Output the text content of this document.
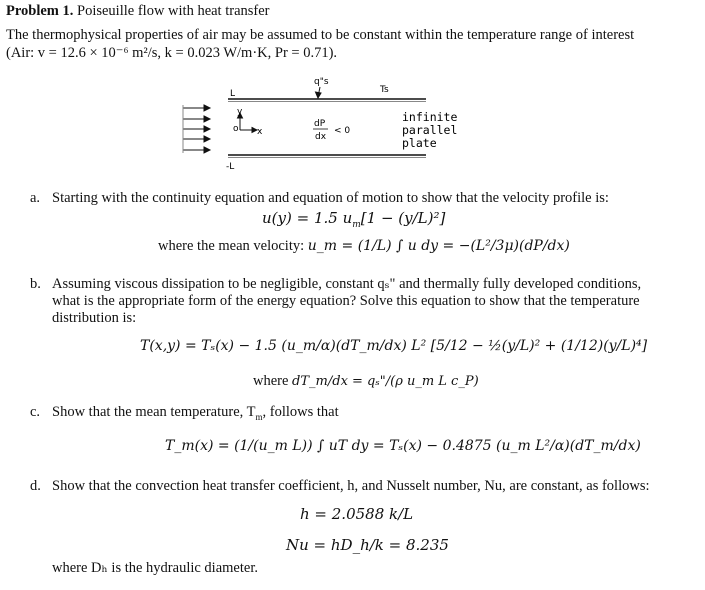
Problem 1. Poiseuille flow with heat transfer
The thermophysical properties of air may be assumed to be constant within the temperature range of interest
(Air: v = 12.6 × 10⁻⁶ m²/s, k = 0.023 W/m·K, Pr = 0.71).
o
y
x
L
-L
q"s
Ts
dP
dx
< 0
infinite
parallel
plate
a. Starting with the continuity equation and equation of motion to show that the velocity profile is:
u(y) = 1.5 $u_m[1 - (y/L)^2]$
where the mean velocity: u_m = (1/L) ∫ u dy = −(L²/3μ)(dP/dx)
b. Assuming viscous dissipation to be negligible, constant qₛ" and thermally fully developed conditions,
what is the appropriate form of the energy equation? Solve this equation to show that the temperature
distribution is:
T(x,y) = Tₛ(x) − 1.5 (u_m/α)(dT_m/dx) L² [5/12 − ½(y/L)² + (1/12)(y/L)⁴]
where dT_m/dx = qₛ"/(ρ u_m L c_P)
c. Show that the mean temperature, $T_m$, follows that
T_m(x) = (1/(u_m L)) ∫ uT dy = Tₛ(x) − 0.4875 (u_m L²/α)(dT_m/dx)
d. Show that the convection heat transfer coefficient, h, and Nusselt number, Nu, are constant, as follows:
h = 2.0588 k/L
Nu = hD_h/k = 8.235
where Dₕ is the hydraulic diameter.
